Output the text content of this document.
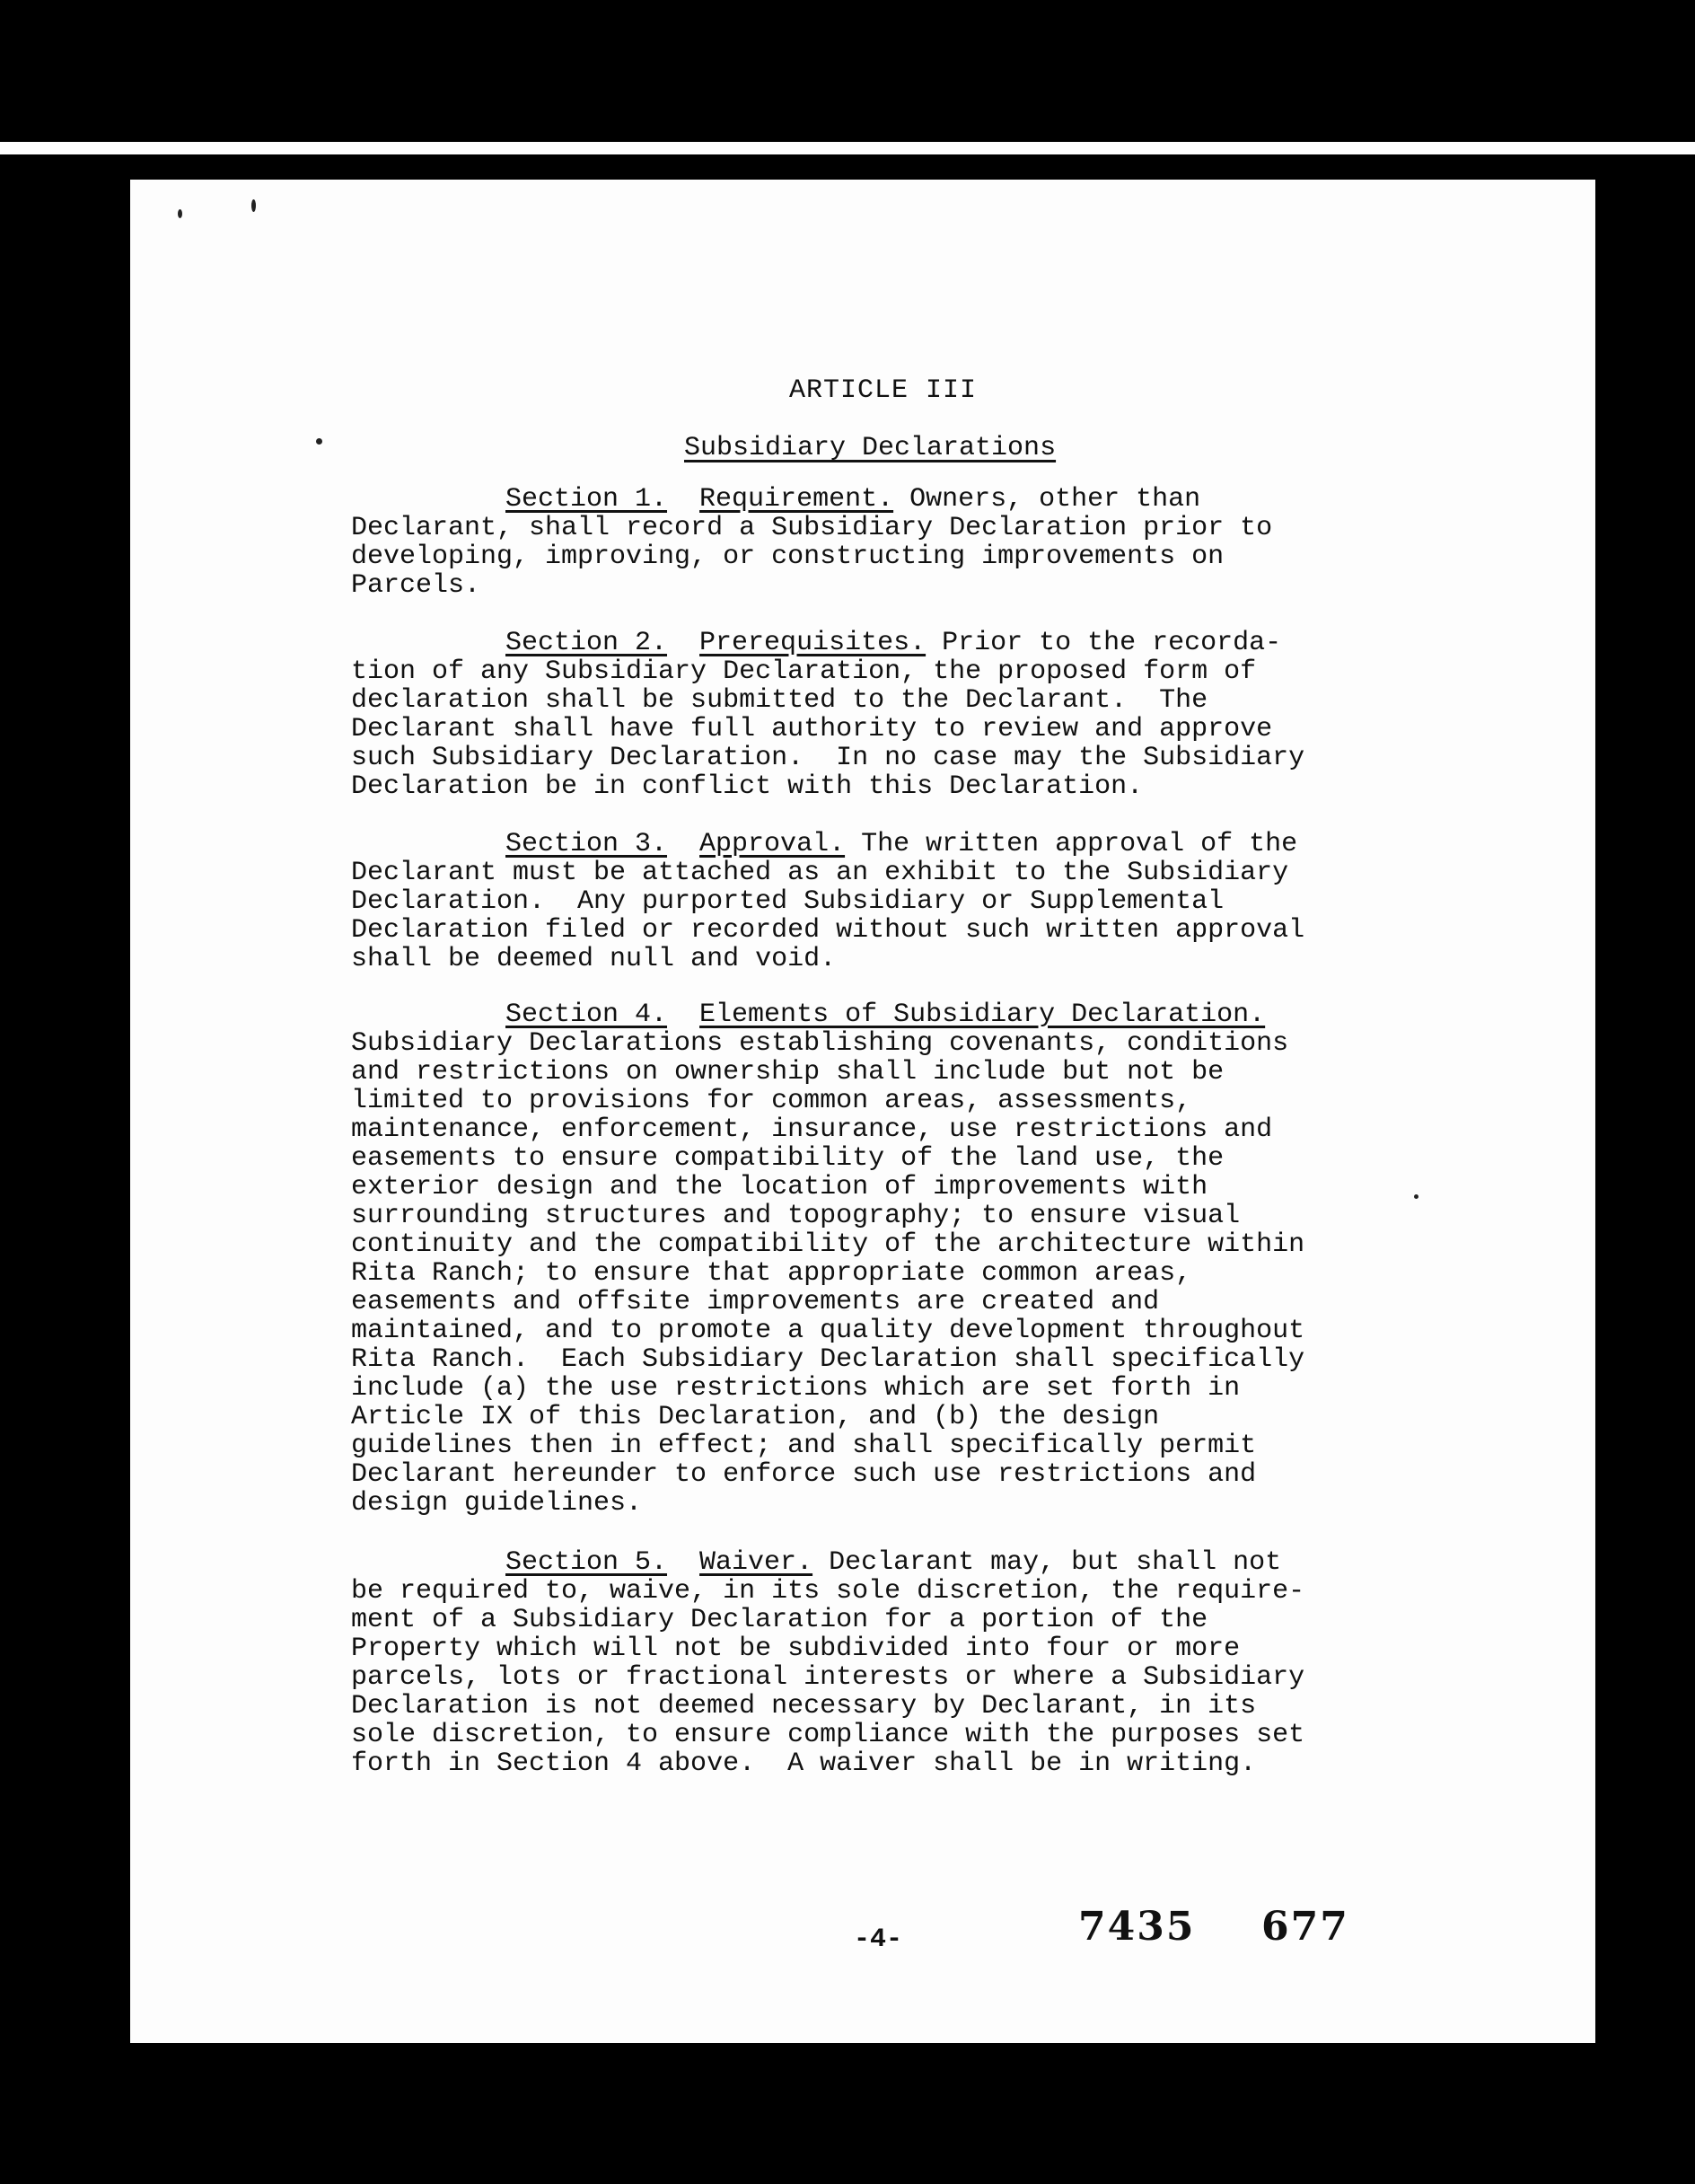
ARTICLE III
Subsidiary Declarations
Section 1. Requirement. Owners, other than
Declarant, shall record a Subsidiary Declaration prior to
developing, improving, or constructing improvements on
Parcels.
Section 2. Prerequisites. Prior to the recorda-
tion of any Subsidiary Declaration, the proposed form of
declaration shall be submitted to the Declarant.  The
Declarant shall have full authority to review and approve
such Subsidiary Declaration.  In no case may the Subsidiary
Declaration be in conflict with this Declaration.
Section 3. Approval. The written approval of the
Declarant must be attached as an exhibit to the Subsidiary
Declaration.  Any purported Subsidiary or Supplemental
Declaration filed or recorded without such written approval
shall be deemed null and void.
Section 4. Elements of Subsidiary Declaration.
Subsidiary Declarations establishing covenants, conditions
and restrictions on ownership shall include but not be
limited to provisions for common areas, assessments,
maintenance, enforcement, insurance, use restrictions and
easements to ensure compatibility of the land use, the
exterior design and the location of improvements with
surrounding structures and topography; to ensure visual
continuity and the compatibility of the architecture within
Rita Ranch; to ensure that appropriate common areas,
easements and offsite improvements are created and
maintained, and to promote a quality development throughout
Rita Ranch.  Each Subsidiary Declaration shall specifically
include (a) the use restrictions which are set forth in
Article IX of this Declaration, and (b) the design
guidelines then in effect; and shall specifically permit
Declarant hereunder to enforce such use restrictions and
design guidelines.
Section 5. Waiver. Declarant may, but shall not
be required to, waive, in its sole discretion, the require-
ment of a Subsidiary Declaration for a portion of the
Property which will not be subdivided into four or more
parcels, lots or fractional interests or where a Subsidiary
Declaration is not deemed necessary by Declarant, in its
sole discretion, to ensure compliance with the purposes set
forth in Section 4 above.  A waiver shall be in writing.
-4-	7435 677
